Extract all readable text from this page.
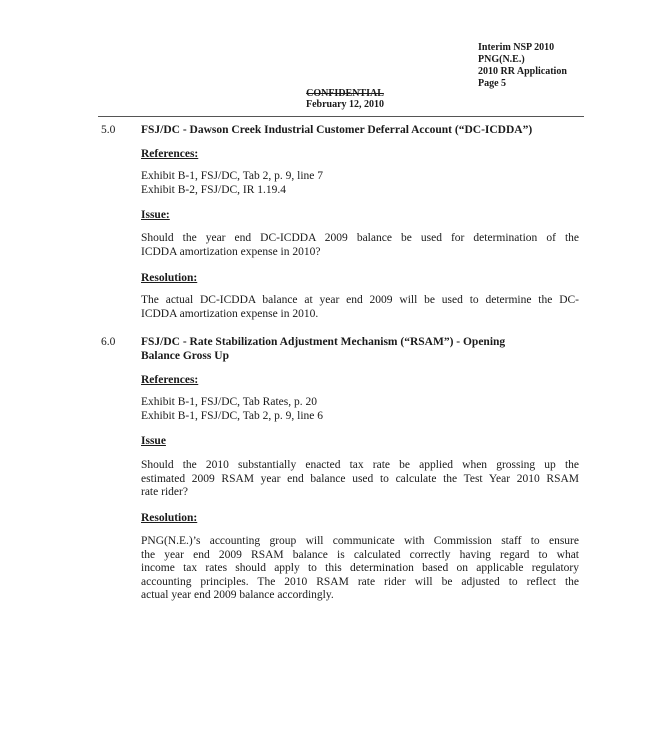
Interim NSP 2010
PNG(N.E.)
2010 RR Application
Page 5
CONFIDENTIAL
February 12, 2010
5.0 FSJ/DC - Dawson Creek Industrial Customer Deferral Account (“DC-ICDDA”)
References:
Exhibit B-1, FSJ/DC, Tab 2, p. 9, line 7
Exhibit B-2, FSJ/DC, IR 1.19.4
Issue:
Should the year end DC-ICDDA 2009 balance be used for determination of the
ICDDA amortization expense in 2010?
Resolution:
The actual DC-ICDDA balance at year end 2009 will be used to determine the DC-
ICDDA amortization expense in 2010.
6.0 FSJ/DC - Rate Stabilization Adjustment Mechanism (“RSAM”) - Opening
Balance Gross Up
References:
Exhibit B-1, FSJ/DC, Tab Rates, p. 20
Exhibit B-1, FSJ/DC, Tab 2, p. 9, line 6
Issue
Should the 2010 substantially enacted tax rate be applied when grossing up the
estimated 2009 RSAM year end balance used to calculate the Test Year 2010 RSAM
rate rider?
Resolution:
PNG(N.E.)’s accounting group will communicate with Commission staff to ensure
the year end 2009 RSAM balance is calculated correctly having regard to what
income tax rates should apply to this determination based on applicable regulatory
accounting principles. The 2010 RSAM rate rider will be adjusted to reflect the
actual year end 2009 balance accordingly.
